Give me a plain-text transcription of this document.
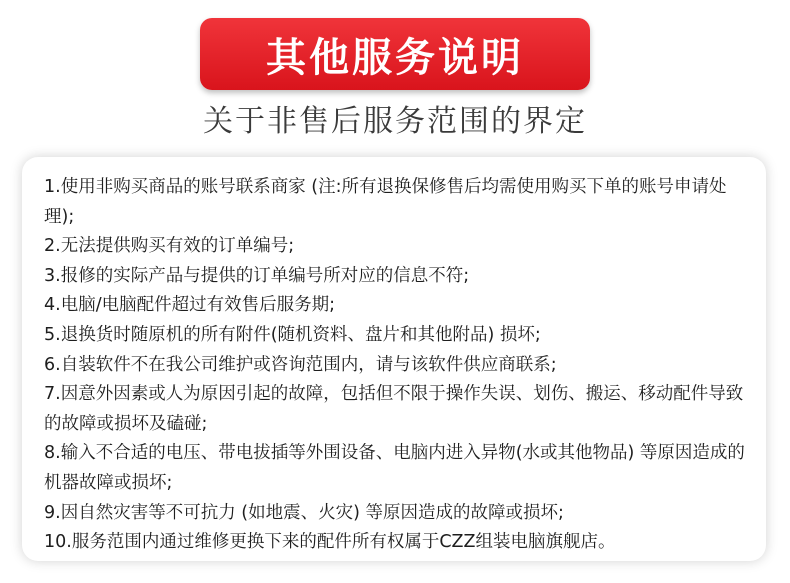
其他服务说明
关于非售后服务范围的界定

1.使用非购买商品的账号联系商家 (注:所有退换保修售后均需使用购买下单的账号申请处理);

2.无法提供购买有效的订单编号;

3.报修的实际产品与提供的订单编号所对应的信息不符;

4.电脑/电脑配件超过有效售后服务期;

5.退换货时随原机的所有附件(随机资料、盘片和其他附品) 损坏;

6.自装软件不在我公司维护或咨询范围内，请与该软件供应商联系;

7.因意外因素或人为原因引起的故障，包括但不限于操作失误、划伤、搬运、移动配件导致的故障或损坏及磕碰;

8.输入不合适的电压、带电拔插等外围设备、电脑内进入异物(水或其他物品) 等原因造成的机器故障或损坏;

9.因自然灾害等不可抗力 (如地震、火灾) 等原因造成的故障或损坏;

10.服务范围内通过维修更换下来的配件所有权属于CZZ组装电脑旗舰店。
